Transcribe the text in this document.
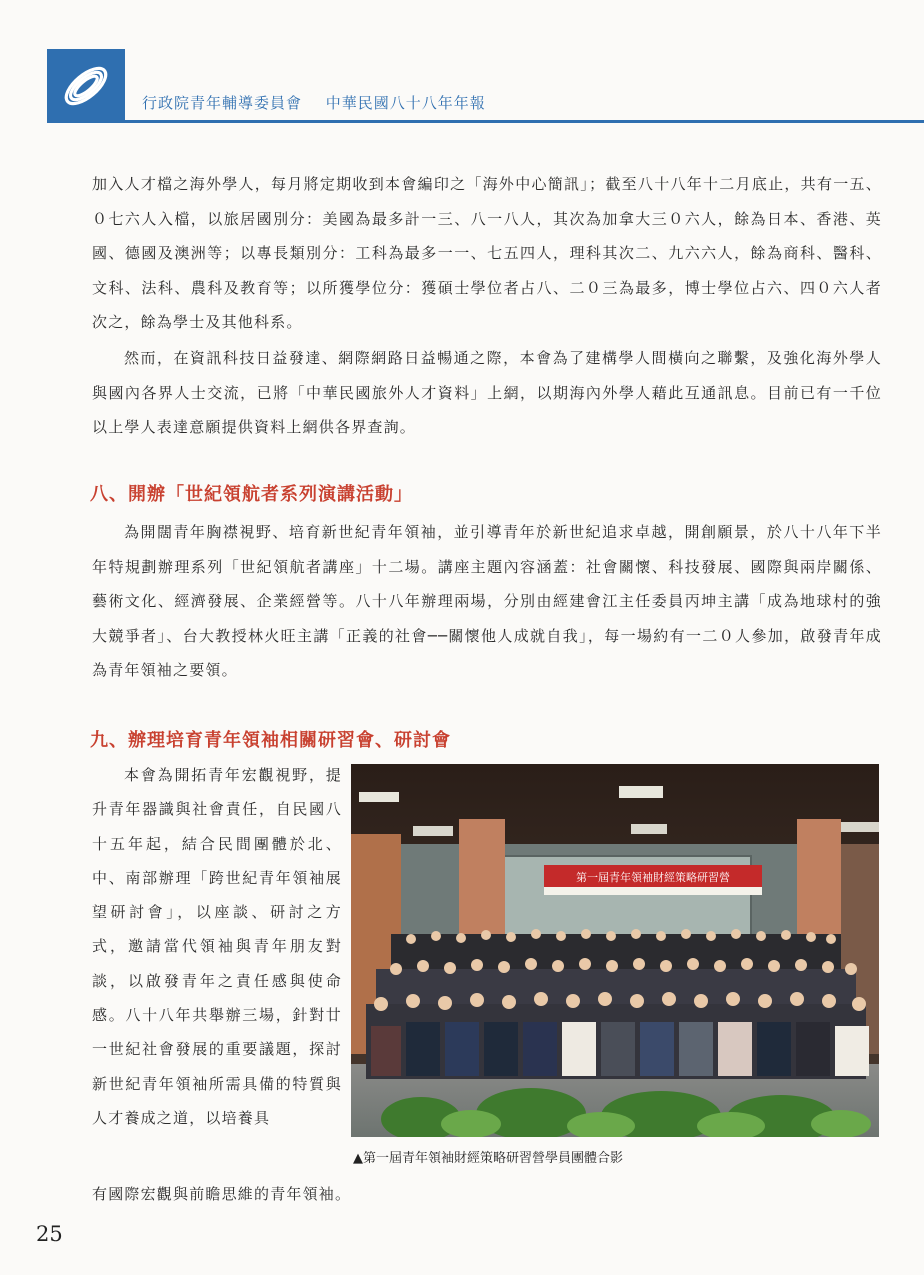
行政院青年輔導委員會 中華民國八十八年年報

加入人才檔之海外學人，每月將定期收到本會編印之「海外中心簡訊」；截至八十八年十二月底止，共有一五、０七六人入檔，以旅居國別分：美國為最多計一三、八一八人，其次為加拿大三０六人，餘為日本、香港、英國、德國及澳洲等；以專長類別分：工科為最多一一、七五四人，理科其次二、九六六人，餘為商科、醫科、文科、法科、農科及教育等；以所獲學位分：獲碩士學位者占八、二０三為最多，博士學位占六、四０六人者次之，餘為學士及其他科系。

然而，在資訊科技日益發達、網際網路日益暢通之際，本會為了建構學人間橫向之聯繫，及強化海外學人與國內各界人士交流，已將「中華民國旅外人才資料」上網，以期海內外學人藉此互通訊息。目前已有一千位以上學人表達意願提供資料上網供各界查詢。

八、開辦「世紀領航者系列演講活動」

為開闊青年胸襟視野、培育新世紀青年領袖，並引導青年於新世紀追求卓越，開創願景，於八十八年下半年特規劃辦理系列「世紀領航者講座」十二場。講座主題內容涵蓋：社會關懷、科技發展、國際與兩岸關係、藝術文化、經濟發展、企業經營等。八十八年辦理兩場，分別由經建會江主任委員丙坤主講「成為地球村的強大競爭者」、台大教授林火旺主講「正義的社會──關懷他人成就自我」，每一場約有一二０人參加，啟發青年成為青年領袖之要領。

九、辦理培育青年領袖相關研習會、研討會

本會為開拓青年宏觀視野，提升青年器識與社會責任，自民國八十五年起，結合民間團體於北、中、南部辦理「跨世紀青年領袖展望研討會」，以座談、研討之方式，邀請當代領袖與青年朋友對談，以啟發青年之責任感與使命感。八十八年共舉辦三場，針對廿一世紀社會發展的重要議題，探討新世紀青年領袖所需具備的特質與人才養成之道，以培養具

有國際宏觀與前瞻思維的青年領袖。

第一屆青年領袖財經策略研習營
▲第一屆青年領袖財經策略研習營學員團體合影
25
